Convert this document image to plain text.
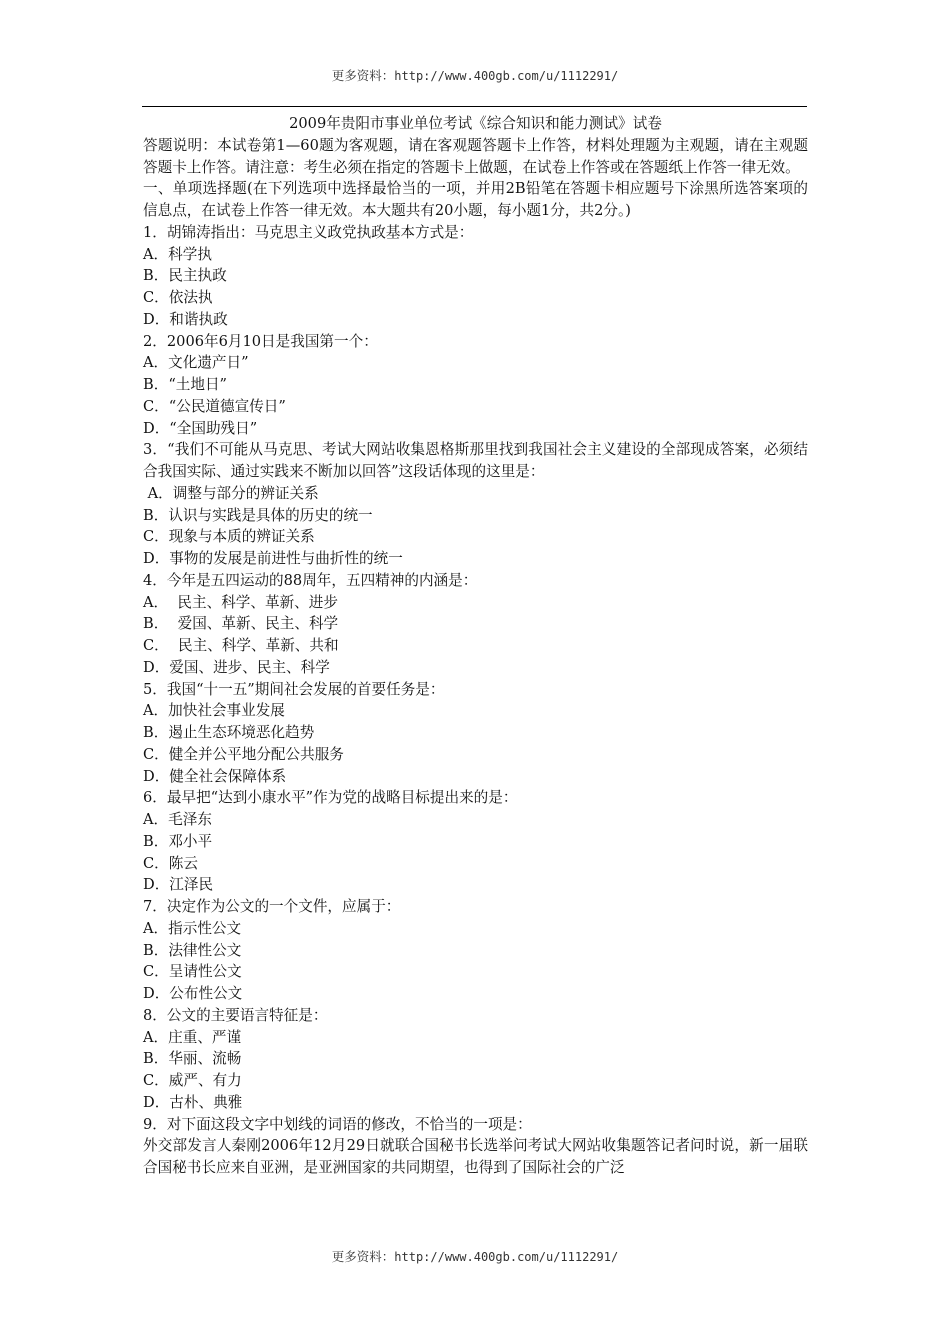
更多资料：http://www.400gb.com/u/1112291/
2009年贵阳市事业单位考试《综合知识和能力测试》试卷
答题说明：本试卷第1—60题为客观题，请在客观题答题卡上作答，材料处理题为主观题，请在主观题答题卡上作答。请注意：考生必须在指定的答题卡上做题，在试卷上作答或在答题纸上作答一律无效。
一、单项选择题(在下列选项中选择最恰当的一项，并用2B铅笔在答题卡相应题号下涂黑所选答案项的信息点，在试卷上作答一律无效。本大题共有20小题，每小题1分，共2分。)
1．胡锦涛指出：马克思主义政党执政基本方式是：
A．科学执
B．民主执政
C．依法执
D．和谐执政
2．2006年6月10日是我国第一个：
A．文化遗产日”
B．“土地日”
C．“公民道德宣传日”
D．“全国助残日”
3．“我们不可能从马克思、考试大网站收集恩格斯那里找到我国社会主义建设的全部现成答案，必须结合我国实际、通过实践来不断加以回答”这段话体现的这里是：
A．调整与部分的辨证关系
B．认识与实践是具体的历史的统一
C．现象与本质的辨证关系
D．事物的发展是前进性与曲折性的统一
4．今年是五四运动的88周年，五四精神的内涵是：
A．  民主、科学、革新、进步
B．  爱国、革新、民主、科学
C．  民主、科学、革新、共和
D．爱国、进步、民主、科学
5．我国“十一五”期间社会发展的首要任务是：
A．加快社会事业发展
B．遏止生态环境恶化趋势
C．健全并公平地分配公共服务
D．健全社会保障体系
6．最早把“达到小康水平”作为党的战略目标提出来的是：
A．毛泽东
B．邓小平
C．陈云
D．江泽民
7．决定作为公文的一个文件，应属于：
A．指示性公文
B．法律性公文
C．呈请性公文
D．公布性公文
8．公文的主要语言特征是：
A．庄重、严谨
B．华丽、流畅
C．威严、有力
D．古朴、典雅
9．对下面这段文字中划线的词语的修改，不恰当的一项是：
外交部发言人秦刚2006年12月29日就联合国秘书长选举问考试大网站收集题答记者问时说，新一届联合国秘书长应来自亚洲，是亚洲国家的共同期望，也得到了国际社会的广泛
更多资料：http://www.400gb.com/u/1112291/
